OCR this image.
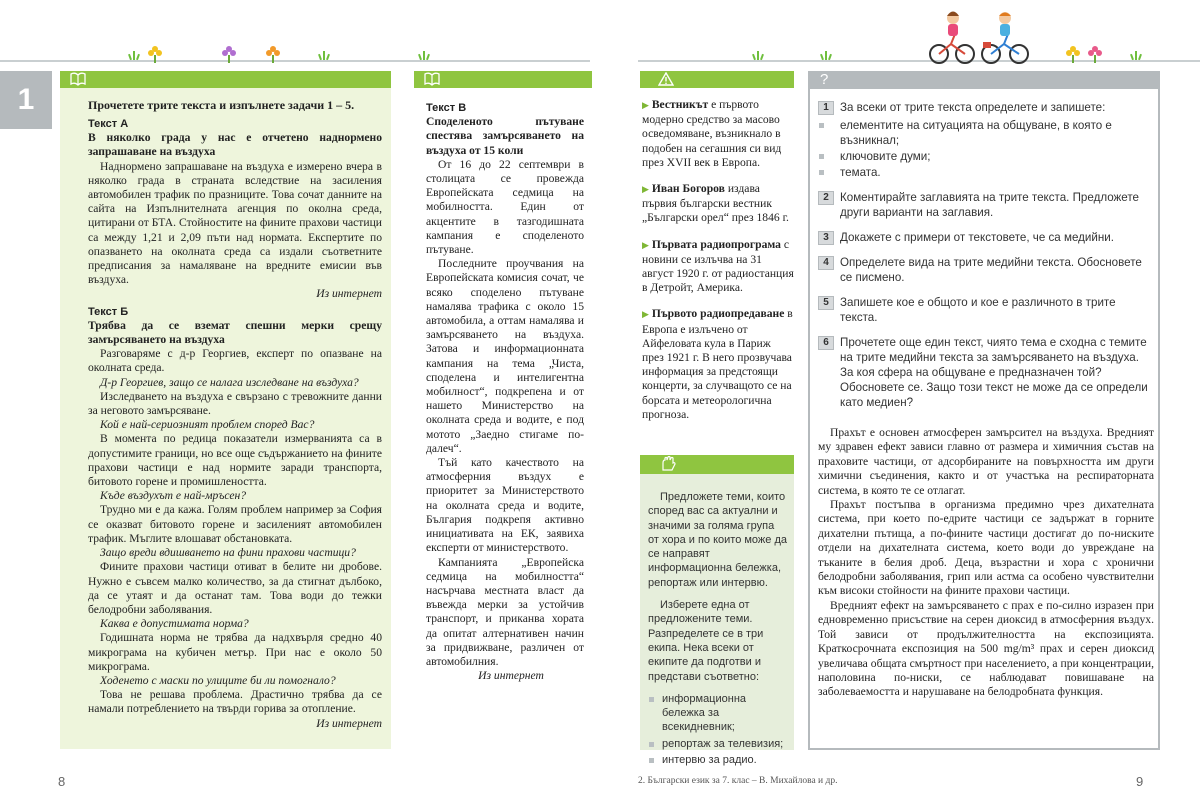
1	Прочетете трите текста и изпълнете задачи 1 – 5.

Текст А

В няколко града у нас е отчетено наднормено запрашаване на въздуха

Наднормено запрашаване на въздуха е измерено вчера в няколко града в страната вследствие на засиления автомобилен трафик по празниците. Това сочат данните на сайта на Изпълнителната агенция по околна среда, цитирани от БТА. Стойностите на фините прахови частици са между 1,21 и 2,09 пъти над нормата. Експертите по опазването на околната среда са издали съответните предписания за намаляване на вредните емисии във въздуха.

Из интернет

Текст Б

Трябва да се вземат спешни мерки срещу замърсяването на въздуха

Разговаряме с д-р Георгиев, експерт по опазване на околната среда.

Д-р Георгиев, защо се налага изследване на въздуха?

Изследването на въздуха е свързано с тревожните данни за неговото замърсяване.

Кой е най-сериозният проблем според Вас?

В момента по редица показатели измерванията са в допустимите граници, но все още съдържанието на фините прахови частици е над нормите заради транспорта, битовото горене и промишлеността.

Къде въздухът е най-мръсен?

Трудно ми е да кажа. Голям проблем например за София се оказват битовото горене и засиленият автомобилен трафик. Мъглите влошават обстановката.

Защо вреди вдишването на фини прахови частици?

Фините прахови частици отиват в белите ни дробове. Нужно е съвсем малко количество, за да стигнат дълбоко, да се утаят и да останат там. Това води до тежки белодробни заболявания.

Каква е допустимата норма?

Годишната норма не трябва да надхвърля средно 40 микрограма на кубичен метър. При нас е около 50 микрограма.

Ходенето с маски по улиците би ли помогнало?

Това не решава проблема. Драстично трябва да се намали потреблението на твърди горива за отопление.

Из интернет

Текст В

Споделеното пътуване спестява замърсяването на въздуха от 15 коли

От 16 до 22 септември в столицата се провежда Европейската седмица на мобилността. Един от акцентите в тазгодишната кампания е споделеното пътуване.

Последните проучвания на Европейската комисия сочат, че всяко споделено пътуване намалява трафика с около 15 автомобила, а оттам намалява и замърсяването на въздуха. Затова и информационната кампания на тема „Чиста, споделена и интелигентна мобилност“, подкрепена и от нашето Министерство на околната среда и водите, е под мотото „Заедно стигаме по-далеч“.

Тъй като качеството на атмосферния въздух е приоритет за Министерството на околната среда и водите, България подкрепя активно инициативата на ЕК, заявиха експерти от министерството.

Кампанията „Европейска седмица на мобилността“ насърчава местната власт да въвежда мерки за устойчив транспорт, и приканва хората да опитат алтернативен начин за придвижване, различен от автомобилния.

Из интернет

▶ Вестникът е първото модерно средство за масово осведомяване, възникнало в подобен на сегашния си вид през XVII век в Европа.
▶ Иван Богоров издава първия български вестник „Български орел“ през 1846 г.
▶ Първата радиопрограма с новини се излъчва на 31 август 1920 г. от радиостанция в Детройт, Америка.
▶ Първото радиопредаване в Европа е излъчено от Айфеловата кула в Париж през 1921 г. В него прозвучава информация за предстоящи концерти, за случващото се на борсата и метеорологична прогноза.

Предложете теми, които според вас са актуални и значими за голяма група от хора и по които може да се направят информационна бележка, репортаж или интервю.

Изберете една от предложените теми. Разпределете се в три екипа. Нека всеки от екипите да подготви и представи съответно:

информационна бележка за всекидневник;
репортаж за телевизия;
интервю за радио.
?
1 За всеки от трите текста определете и запишете:
елементите на ситуацията на общуване, в която е възникнал;
ключовите думи;
темата.
2 Коментирайте заглавията на трите текста. Предложете други варианти на заглавия.
3 Докажете с примери от текстовете, че са медийни.
4 Определете вида на трите медийни текста. Обосновете се писмено.
5 Запишете кое е общото и кое е различното в трите текста.
6 Прочетете още един текст, чиято тема е сходна с темите на трите медийни текста за замърсяването на въздуха. За коя сфера на общуване е предназначен той? Обосновете се. Защо този текст не може да се определи като медиен?

Прахът е основен атмосферен замърсител на въздуха. Вредният му здравен ефект зависи главно от размера и химичния състав на праховите частици, от адсорбираните на повърхността им други химични съединения, както и от участъка на респираторната система, в която те се отлагат.

Прахът постъпва в организма предимно чрез дихателната система, при което по-едрите частици се задържат в горните дихателни пътища, а по-фините частици достигат до по-ниските отдели на дихателната система, което води до увреждане на тъканите в белия дроб. Деца, възрастни и хора с хронични белодробни заболявания, грип или астма са особено чувствителни към високи стойности на фините прахови частици.

Вредният ефект на замърсяването с прах е по-силно изразен при едновременно присъствие на серен диоксид в атмосферния въздух. Той зависи от продължителността на експозицията. Краткосрочната експозиция на 500 mg/m³ прах и серен диоксид увеличава общата смъртност при населението, а при концентрации, наполовина по-ниски, се наблюдават повишаване на заболеваемостта и нарушаване на белодробната функция.

8	2. Български език за 7. клас – В. Михайлова и др.	9
